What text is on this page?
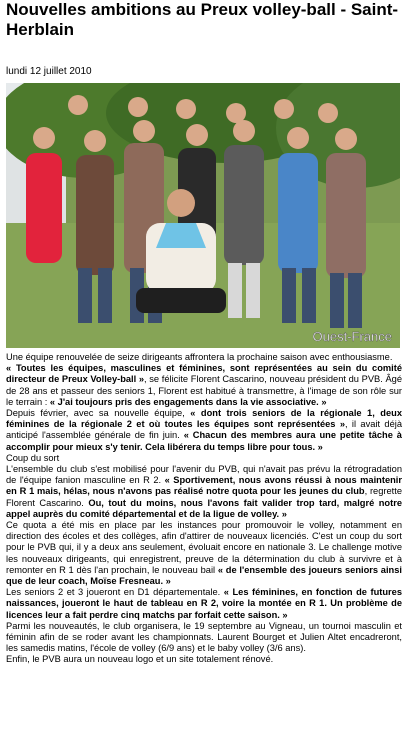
Nouvelles ambitions au Preux volley-ball - Saint-Herblain
lundi 12 juillet 2010
Ouest-France

Une équipe renouvelée de seize dirigeants affrontera la prochaine saison avec enthousiasme.

« Toutes les équipes, masculines et féminines, sont représentées au sein du comité directeur de Preux Volley-ball », se félicite Florent Cascarino, nouveau président du PVB. Âgé de 28 ans et passeur des seniors 1, Florent est habitué à transmettre, à l'image de son rôle sur le terrain : « J'ai toujours pris des engagements dans la vie associative. »

Depuis février, avec sa nouvelle équipe, « dont trois seniors de la régionale 1, deux féminines de la régionale 2 et où toutes les équipes sont représentées », il avait déjà anticipé l'assemblée générale de fin juin. « Chacun des membres aura une petite tâche à accomplir pour mieux s'y tenir. Cela libérera du temps libre pour tous. »

Coup du sort

L'ensemble du club s'est mobilisé pour l'avenir du PVB, qui n'avait pas prévu la rétrogradation de l'équipe fanion masculine en R 2. « Sportivement, nous avons réussi à nous maintenir en R 1 mais, hélas, nous n'avons pas réalisé notre quota pour les jeunes du club, regrette Florent Cascarino. Ou, tout du moins, nous l'avons fait valider trop tard, malgré notre appel auprès du comité départemental et de la ligue de volley. »

Ce quota a été mis en place par les instances pour promouvoir le volley, notamment en direction des écoles et des collèges, afin d'attirer de nouveaux licenciés. C'est un coup du sort pour le PVB qui, il y a deux ans seulement, évoluait encore en nationale 3. Le challenge motive les nouveaux dirigeants, qui enregistrent, preuve de la détermination du club à survivre et à remonter en R 1 dès l'an prochain, le nouveau bail « de l'ensemble des joueurs seniors ainsi que de leur coach, Moïse Fresneau. »

Les seniors 2 et 3 joueront en D1 départementale. « Les féminines, en fonction de futures naissances, joueront le haut de tableau en R 2, voire la montée en R 1. Un problème de licences leur a fait perdre cinq matchs par forfait cette saison. »

Parmi les nouveautés, le club organisera, le 19 septembre au Vigneau, un tournoi masculin et féminin afin de se roder avant les championnats. Laurent Bourget et Julien Altet encadreront, les samedis matins, l'école de volley (6/9 ans) et le baby volley (3/6 ans).

Enfin, le PVB aura un nouveau logo et un site totalement rénové.
